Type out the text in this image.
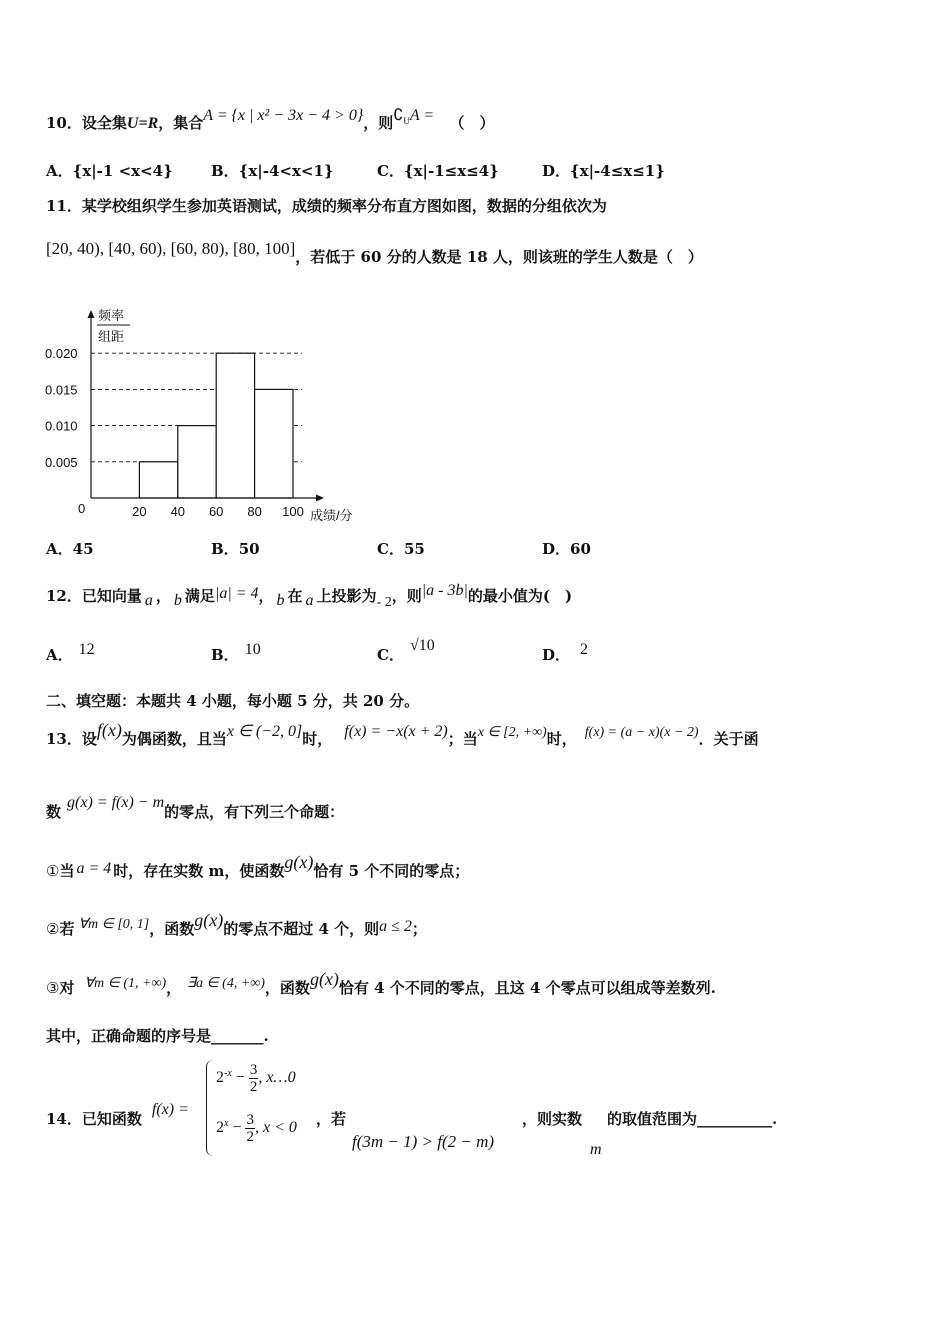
10．设全集U=R，集合A = {x | x² − 3x − 4 > 0}，则$∁_UA$ = （　）
A．{x|-1 <x<4}	B．{x|-4<x<1}	C．{x|-1≤x≤4}	D．{x|-4≤x≤1}
11．某学校组织学生参加英语测试，成绩的频率分布直方图如图，数据的分组依次为
[20, 40), [40, 60), [60, 80), [80, 100]，若低于 60 分的人数是 18 人，则该班的学生人数是（　）
频率
组距
0	成绩/分
0.005
0.010
0.015
0.020
20 40 60 80 100
A．45	B．50	C．55	D．60
12．已知向量 a ， b 满足|a| = 4， b 在 a 上投影为- 2，则|a - 3b|的最小值为(　)
A． 12	B． 10	C．√10
D． 2
二、填空题：本题共 4 小题，每小题 5 分，共 20 分。
13．设f(x)为偶函数，且当x ∈ (−2, 0]时， f(x) = −x(x + 2)；当x ∈ [2, +∞)时， f(x) = (a − x)(x − 2)．关于函
数g(x) = f(x) − m的零点，有下列三个命题：
①当 a = 4 时，存在实数 m，使函数g(x)恰有 5 个不同的零点；
②若 ∀m ∈ [0, 1]，函数g(x)的零点不超过 4 个，则a ≤ 2；
③对 ∀m ∈ (1, +∞)， ∃a ∈ (4, +∞)，函数g(x)恰有 4 个不同的零点，且这 4 个零点可以组成等差数列.
其中，正确命题的序号是_______.
14．已知函数f(x) =
$2^{-x} - \frac{3}{2}$ , x…0
$2^x - \frac{3}{2}$ , x < 0 ，若
f(3m − 1) > f(2 − m)
，则实数
m
的取值范围为__________.
